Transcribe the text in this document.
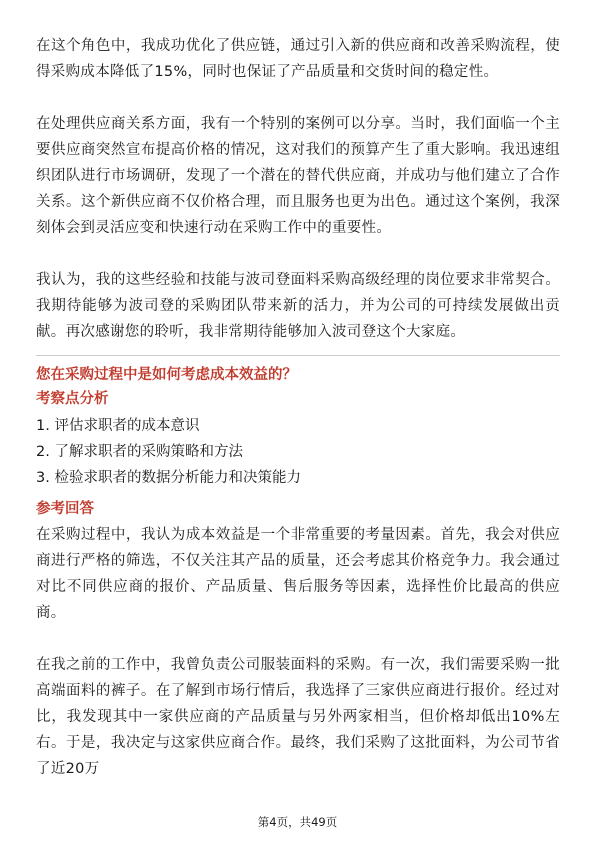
在这个角色中，我成功优化了供应链，通过引入新的供应商和改善采购流程，使得采购成本降低了15%，同时也保证了产品质量和交货时间的稳定性。

在处理供应商关系方面，我有一个特别的案例可以分享。当时，我们面临一个主要供应商突然宣布提高价格的情况，这对我们的预算产生了重大影响。我迅速组织团队进行市场调研，发现了一个潜在的替代供应商，并成功与他们建立了合作关系。这个新供应商不仅价格合理，而且服务也更为出色。通过这个案例，我深刻体会到灵活应变和快速行动在采购工作中的重要性。

我认为，我的这些经验和技能与波司登面料采购高级经理的岗位要求非常契合。我期待能够为波司登的采购团队带来新的活力，并为公司的可持续发展做出贡献。再次感谢您的聆听，我非常期待能够加入波司登这个大家庭。

您在采购过程中是如何考虑成本效益的？
考察点分析
1. 评估求职者的成本意识
2. 了解求职者的采购策略和方法
3. 检验求职者的数据分析能力和决策能力
参考回答

在采购过程中，我认为成本效益是一个非常重要的考量因素。首先，我会对供应商进行严格的筛选，不仅关注其产品的质量，还会考虑其价格竞争力。我会通过对比不同供应商的报价、产品质量、售后服务等因素，选择性价比最高的供应商。

在我之前的工作中，我曾负责公司服装面料的采购。有一次，我们需要采购一批高端面料的裤子。在了解到市场行情后，我选择了三家供应商进行报价。经过对比，我发现其中一家供应商的产品质量与另外两家相当，但价格却低出10%左右。于是，我决定与这家供应商合作。最终，我们采购了这批面料，为公司节省了近20万

第4页，共49页
